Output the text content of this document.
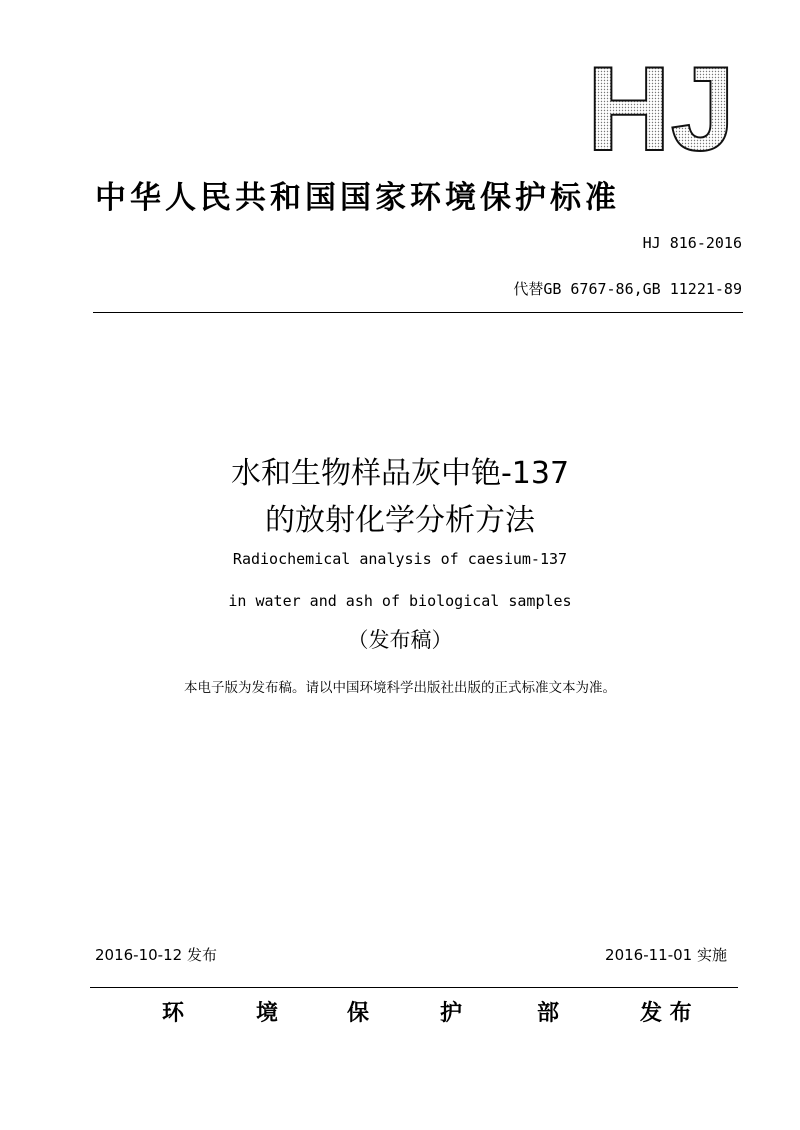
HJ
中华人民共和国国家环境保护标准
HJ 816-2016
代替GB 6767-86,GB 11221-89
水和生物样品灰中铯-137
的放射化学分析方法
Radiochemical analysis of caesium-137
in water and ash of biological samples
（发布稿）
本电子版为发布稿。请以中国环境科学出版社出版的正式标准文本为准。
2016-10-12 发布	2016-11-01 实施
环	境	保	护	部	发 布
